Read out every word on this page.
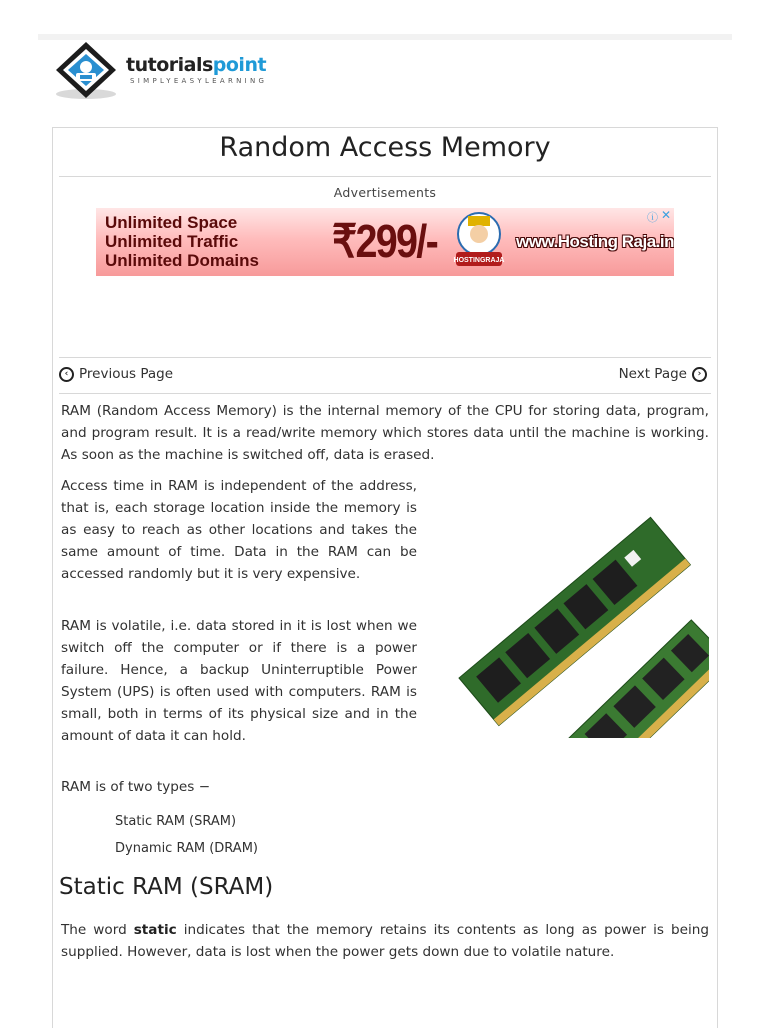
tutorialspoint
SIMPLYEASYLEARNING
Random Access Memory
Advertisements
Unlimited Space
Unlimited Traffic
Unlimited Domains ₹299/- HOSTINGRAJA
www.Hosting Raja.in
ⓘ ✕
‹ Previous Page	Next Page	›

RAM (Random Access Memory) is the internal memory of the CPU for storing data, program, and program result. It is a read/write memory which stores data until the machine is working. As soon as the machine is switched off, data is erased.

Access time in RAM is independent of the address, that is, each storage location inside the memory is as easy to reach as other locations and takes the same amount of time. Data in the RAM can be accessed randomly but it is very expensive.

RAM is volatile, i.e. data stored in it is lost when we switch off the computer or if there is a power failure. Hence, a backup Uninterruptible Power System (UPS) is often used with computers. RAM is small, both in terms of its physical size and in the amount of data it can hold.

RAM is of two types −

Static RAM (SRAM)
Dynamic RAM (DRAM)
Static RAM (SRAM)

The word static indicates that the memory retains its contents as long as power is being supplied. However, data is lost when the power gets down due to volatile nature.
